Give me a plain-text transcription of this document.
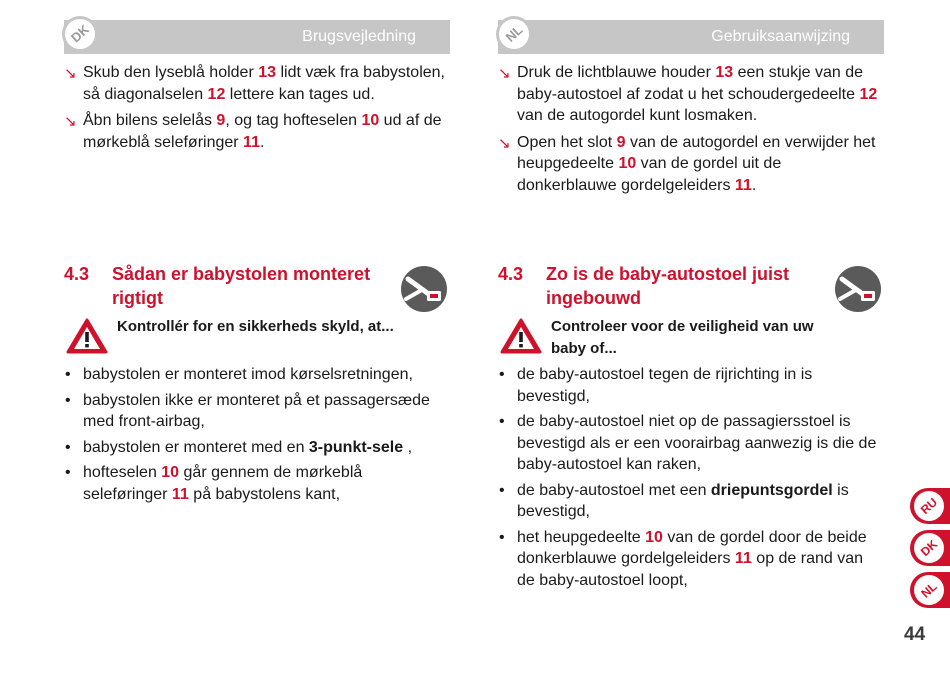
DK	Brugsvejledning
↘ Skub den lyseblå holder 13 lidt væk fra babystolen, så diagonalselen 12 lettere kan tages ud.
↘ Åbn bilens selelås 9, og tag hofteselen 10 ud af de mørkeblå seleføringer 11.
4.3 Sådan er babystolen monteret rigtigt
Kontrollér for en sikkerheds skyld, at...
• babystolen er monteret imod kørselsretningen,
• babystolen ikke er monteret på et passagersæde med front-airbag,
• babystolen er monteret med en 3-punkt-sele ,
• hofteselen 10 går gennem de mørkeblå seleføringer 11 på babystolens kant,
NL	Gebruiksaanwijzing
↘ Druk de lichtblauwe houder 13 een stukje van de baby-autostoel af zodat u het schoudergedeelte 12 van de autogordel kunt losmaken.
↘ Open het slot 9 van de autogordel en verwijder het heupgedeelte 10 van de gordel uit de donkerblauwe gordelgeleiders 11.
4.3 Zo is de baby-autostoel juist ingebouwd
Controleer voor de veiligheid van uw baby of...
• de baby-autostoel tegen de rijrichting in is bevestigd,
• de baby-autostoel niet op de passagiersstoel is bevestigd als er een voorairbag aanwezig is die de baby-autostoel kan raken,
• de baby-autostoel met een driepuntsgordel is bevestigd,
• het heupgedeelte 10 van de gordel door de beide donkerblauwe gordelgeleiders 11 op de rand van de baby-autostoel loopt,
RU
DK
NL
44
